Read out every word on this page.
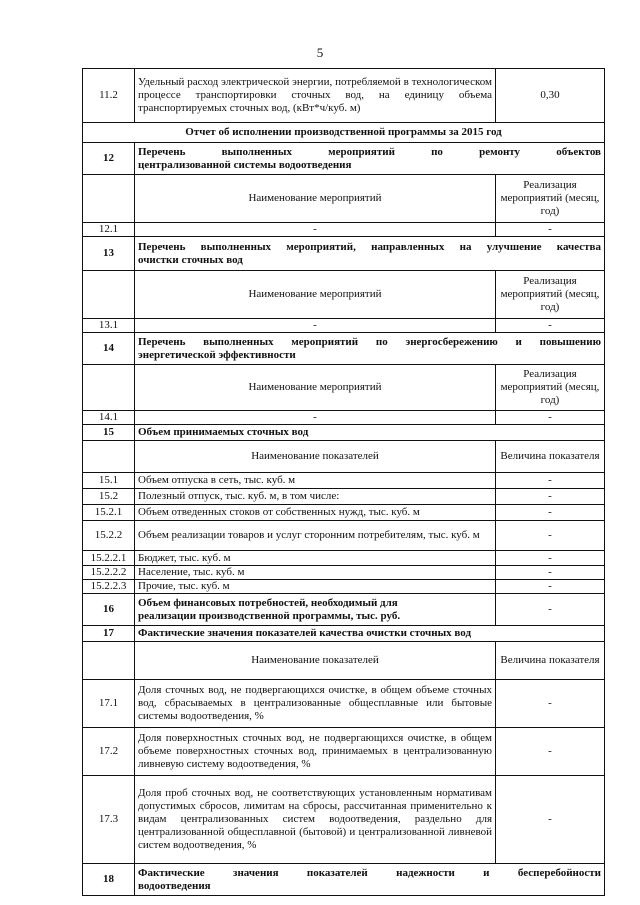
5
11.2	Удельный расход электрической энергии, потребляемой в технологическом процессе транспортировки сточных вод, на единицу объема транспортируемых сточных вод, (кВт*ч/куб. м)	0,30
Отчет об исполнении производственной программы за 2015 год		
12	Перечень выполненных мероприятий по ремонту объектов
централизованной системы водоотведения	

	Наименование мероприятий	Реализация мероприятий (месяц, год)
12.1	-	-
13	Перечень выполненных мероприятий, направленных на улучшение качества
очистки сточных вод	

	Наименование мероприятий	Реализация мероприятий (месяц, год)
13.1	-	-
14	Перечень выполненных мероприятий по энергосбережению и повышению
энергетической эффективности	

	Наименование мероприятий	Реализация мероприятий (месяц, год)
14.1	-	-
15	Объем принимаемых сточных вод	
	Наименование показателей	Величина показателя
15.1	Объем отпуска в сеть, тыс. куб. м	-
15.2	Полезный отпуск, тыс. куб. м, в том числе:	-
15.2.1	Объем отведенных стоков от собственных нужд, тыс. куб. м	-
15.2.2	Объем реализации товаров и услуг сторонним потребителям, тыс. куб. м	-
15.2.2.1	Бюджет, тыс. куб. м	-
15.2.2.2	Население, тыс. куб. м	-
15.2.2.3	Прочие, тыс. куб. м	-
16	Объем финансовых потребностей, необходимый для
реализации производственной программы, тыс. руб.	-
17	Фактические значения показателей качества очистки сточных вод	
	Наименование показателей	Величина показателя
17.1	Доля сточных вод, не подвергающихся очистке, в общем объеме сточных вод, сбрасываемых в централизованные общесплавные или бытовые системы водоотведения, %	-
17.2	Доля поверхностных сточных вод, не подвергающихся очистке, в общем объеме поверхностных сточных вод, принимаемых в централизованную ливневую систему водоотведения, %	-
17.3	Доля проб сточных вод, не соответствующих установленным нормативам допустимых сбросов, лимитам на сбросы, рассчитанная применительно к видам централизованных систем водоотведения, раздельно для централизованной общесплавной (бытовой) и централизованной ливневой систем водоотведения, %	-
18	Фактические значения показателей надежности и бесперебойности
водоотведения	
